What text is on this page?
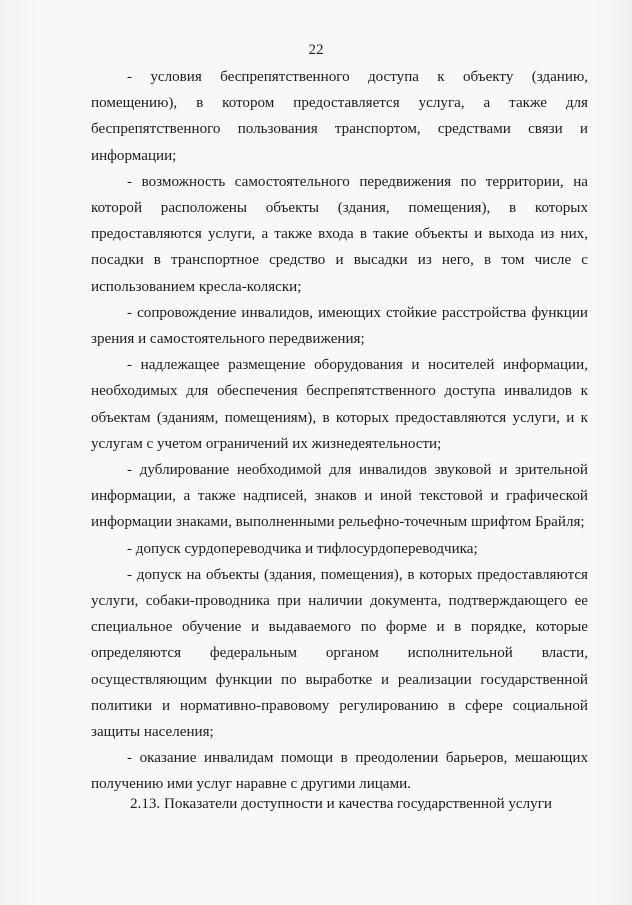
22

- условия беспрепятственного доступа к объекту (зданию, помещению), в котором предоставляется услуга, а также для беспрепятственного пользования транспортом, средствами связи и информации;

- возможность самостоятельного передвижения по территории, на которой расположены объекты (здания, помещения), в которых предоставляются услуги, а также входа в такие объекты и выхода из них, посадки в транспортное средство и высадки из него, в том числе с использованием кресла-коляски;

- сопровождение инвалидов, имеющих стойкие расстройства функции зрения и самостоятельного передвижения;

- надлежащее размещение оборудования и носителей информации, необходимых для обеспечения беспрепятственного доступа инвалидов к объектам (зданиям, помещениям), в которых предоставляются услуги, и к услугам с учетом ограничений их жизнедеятельности;

- дублирование необходимой для инвалидов звуковой и зрительной информации, а также надписей, знаков и иной текстовой и графической информации знаками, выполненными рельефно-точечным шрифтом Брайля;

- допуск сурдопереводчика и тифлосурдопереводчика;

- допуск на объекты (здания, помещения), в которых предоставляются услуги, собаки-проводника при наличии документа, подтверждающего ее специальное обучение и выдаваемого по форме и в порядке, которые определяются федеральным органом исполнительной власти, осуществляющим функции по выработке и реализации государственной политики и нормативно-правовому регулированию в сфере социальной защиты населения;

- оказание инвалидам помощи в преодолении барьеров, мешающих получению ими услуг наравне с другими лицами.

2.13. Показатели доступности и качества государственной услуги
